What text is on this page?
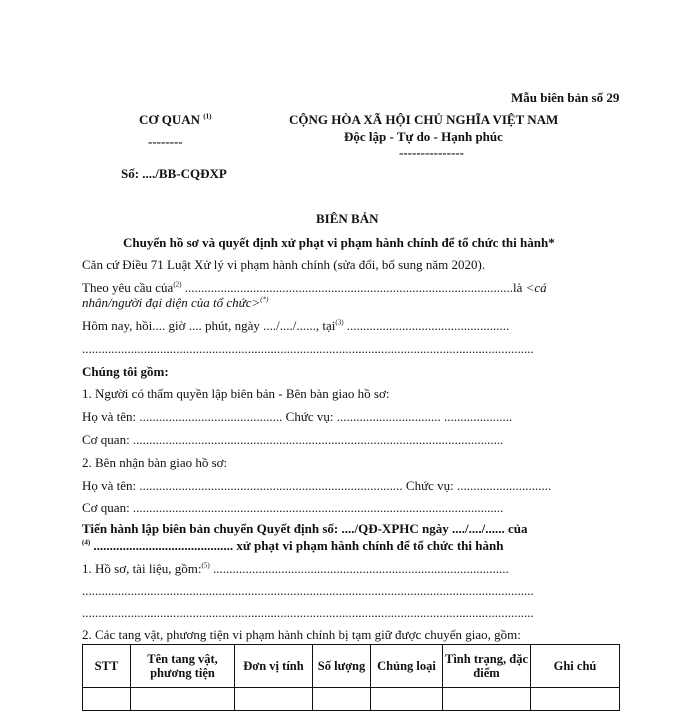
Mẫu biên bản số 29
CƠ QUAN $^{(1)}$
--------
CỘNG HÒA XÃ HỘI CHỦ NGHĨA VIỆT NAM
Độc lập - Tự do - Hạnh phúc
---------------
Số: ..../BB-CQĐXP
BIÊN BẢN
Chuyển hồ sơ và quyết định xử phạt vi phạm hành chính để tổ chức thi hành*
Căn cứ Điều 71 Luật Xử lý vi phạm hành chính (sửa đổi, bổ sung năm 2020).
Theo yêu cầu của$^{(2)}$ .....................................................................................................là <cá
nhân/người đại diện của tổ chức>(*)
Hôm nay, hồi.... giờ .... phút, ngày ..../..../......, tại$^{(3)}$ ..................................................
...........................................................................................................................................
Chúng tôi gồm:
1. Người có thẩm quyền lập biên bản - Bên bàn giao hồ sơ:
Họ và tên: ............................................ Chức vụ: ................................ .....................
Cơ quan: ..................................................................................................................
2. Bên nhận bàn giao hồ sơ:
Họ và tên: ................................................................................. Chức vụ: .............................
Cơ quan: ..................................................................................................................
Tiến hành lập biên bản chuyển Quyết định số: ..../QĐ-XPHC ngày ..../..../...... của
$^{(4)}$ ........................................... xử phạt vi phạm hành chính để tổ chức thi hành
1. Hồ sơ, tài liệu, gồm:$^{(5)}$ ...........................................................................................
...........................................................................................................................................
...........................................................................................................................................
2. Các tang vật, phương tiện vi phạm hành chính bị tạm giữ được chuyển giao, gồm:
STT	Tên tang vật, phương tiện	Đơn vị tính	Số lượng	Chủng loại	Tình trạng, đặc điểm	Ghi chú
